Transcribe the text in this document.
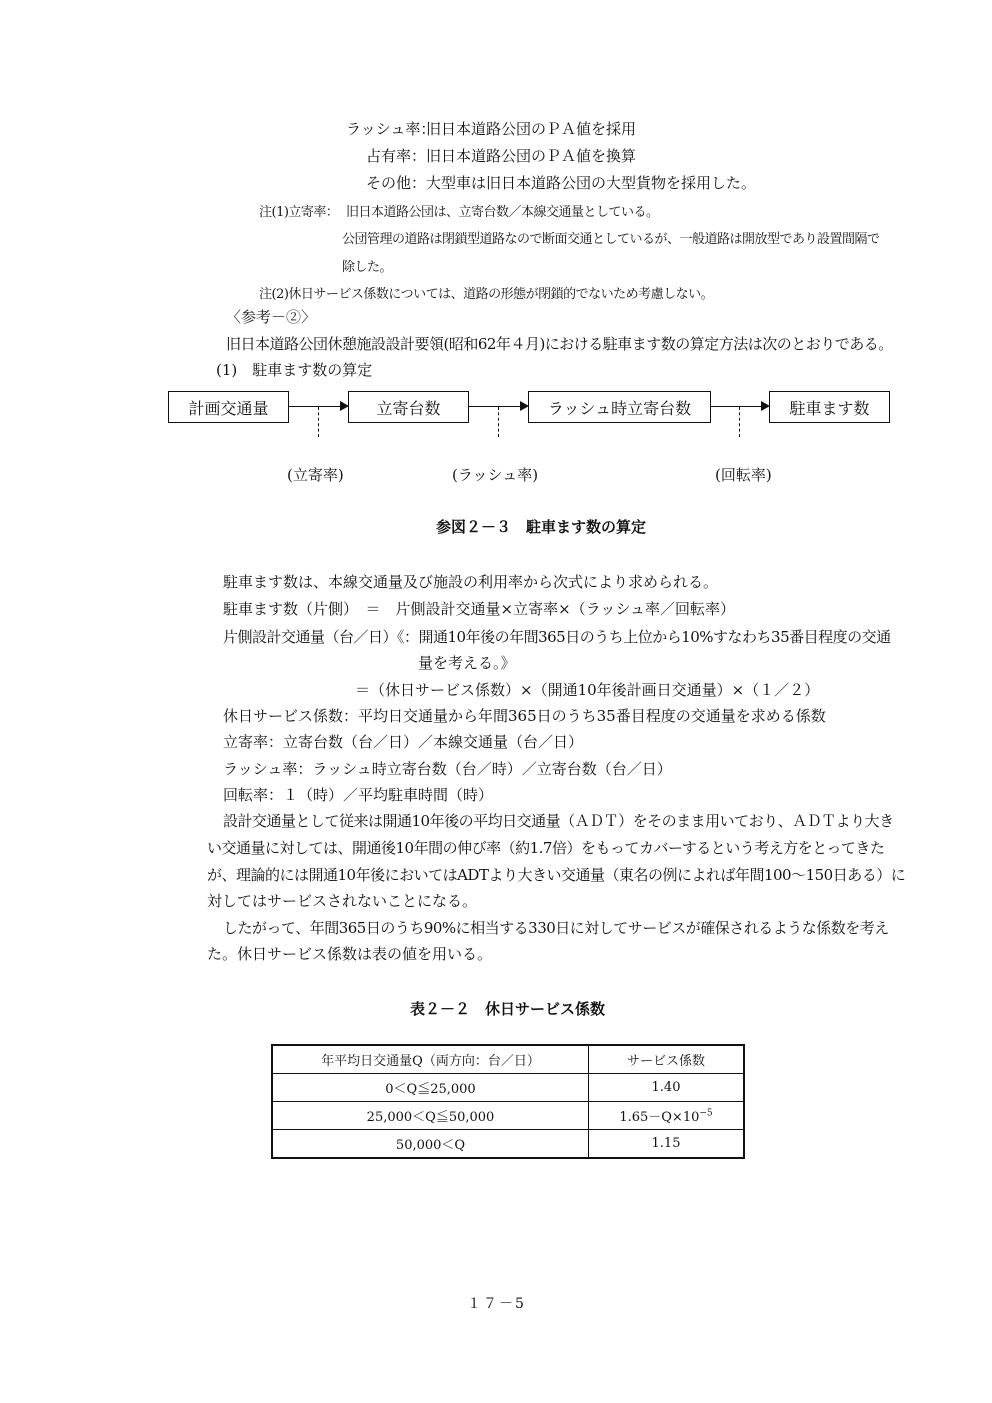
ラッシュ率：
旧日本道路公団のＰＡ値を採用
占有率： 旧日本道路公団のＰＡ値を換算
その他： 大型車は旧日本道路公団の大型貨物を採用した。
注(1)立寄率： 旧日本道路公団は、立寄台数／本線交通量としている。
公団管理の道路は閉鎖型道路なので断面交通としているが、一般道路は開放型であり設置間隔で
除した。
注(2)休日サービス係数については、道路の形態が閉鎖的でないため考慮しない。
〈参考－②〉
旧日本道路公団休憩施設設計要領(昭和62年４月)における駐車ます数の算定方法は次のとおりである。
(1)　駐車ます数の算定
計画交通量	立寄台数	ラッシュ時立寄台数	駐車ます数
(立寄率)	(ラッシュ率)	(回転率)
参図２－３　駐車ます数の算定
駐車ます数は、本線交通量及び施設の利用率から次式により求められる。
駐車ます数（片側）　＝　片側設計交通量×立寄率×（ラッシュ率／回転率）
片側設計交通量（台／日）《：開通10年後の年間365日のうち上位から10%すなわち35番目程度の交通
量を考える。》
＝（休日サービス係数）×（開通10年後計画日交通量）×（１／２）
休日サービス係数：平均日交通量から年間365日のうち35番目程度の交通量を求める係数
立寄率：立寄台数（台／日）／本線交通量（台／日）
ラッシュ率：ラッシュ時立寄台数（台／時）／立寄台数（台／日）
回転率：１（時）／平均駐車時間（時）
設計交通量として従来は開通10年後の平均日交通量（ＡＤＴ）をそのまま用いており、ＡＤＴより大き
い交通量に対しては、開通後10年間の伸び率（約1.7倍）をもってカバーするという考え方をとってきた
が、理論的には開通10年後においてはADTより大きい交通量（東名の例によれば年間100～150日ある）に
対してはサービスされないことになる。
したがって、年間365日のうち90%に相当する330日に対してサービスが確保されるような係数を考え
た。休日サービス係数は表の値を用いる。
表２－２　休日サービス係数
年平均日交通量Q（両方向：台／日）	サービス係数
0＜Q≦25,000	1.40
25,000＜Q≦50,000	$1.65-Q\times 10^{-5}$
50,000＜Q	1.15
１７－5
